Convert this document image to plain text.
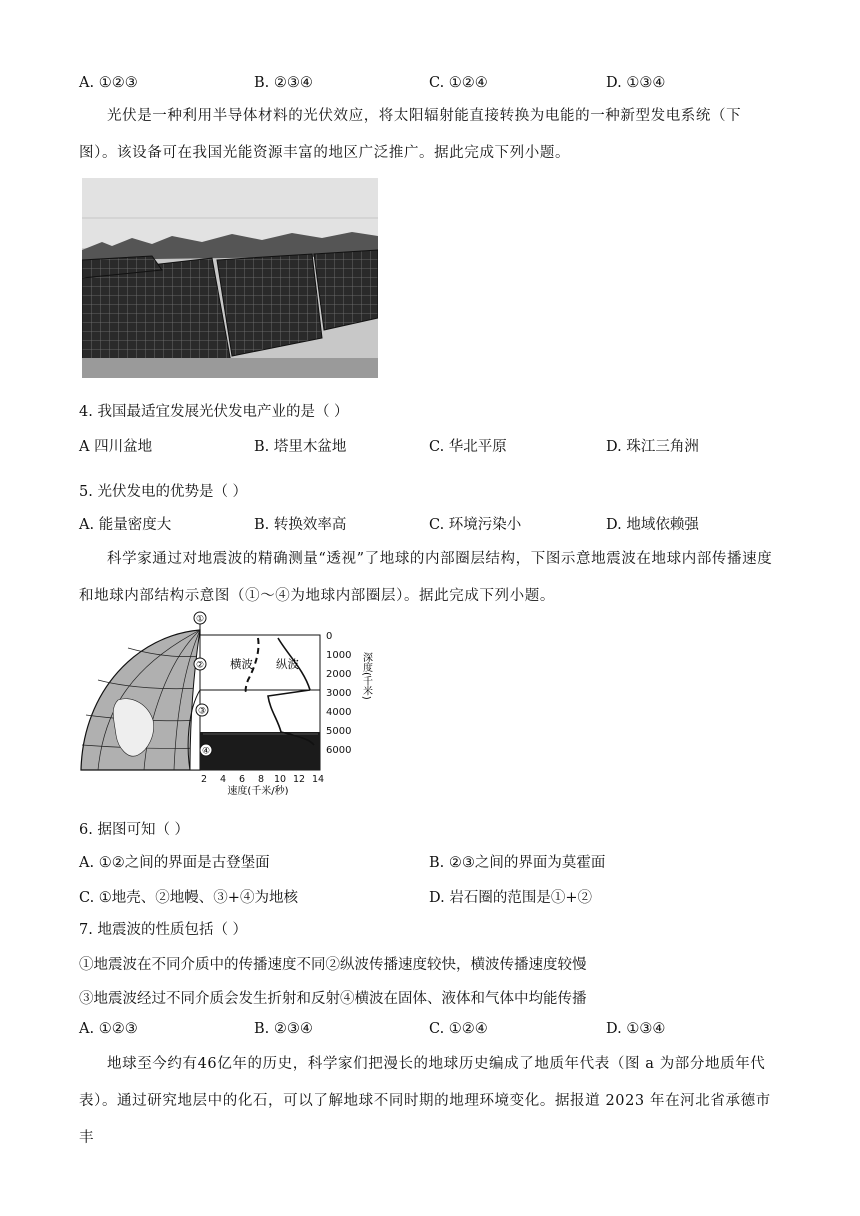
A. ①②③	B. ②③④	C. ①②④	D. ①③④
光伏是一种利用半导体材料的光伏效应，将太阳辐射能直接转换为电能的一种新型发电系统（下图）。该设备可在我国光能资源丰富的地区广泛推广。据此完成下列小题。
4. 我国最适宜发展光伏发电产业的是（ ）
A 四川盆地	B. 塔里木盆地	C. 华北平原	D. 珠江三角洲
5. 光伏发电的优势是（ ）
A. 能量密度大	B. 转换效率高	C. 环境污染小	D. 地域依赖强
科学家通过对地震波的精确测量“透视”了地球的内部圈层结构，下图示意地震波在地球内部传播速度和地球内部结构示意图（①～④为地球内部圈层）。据此完成下列小题。
①
②
③
④
横波 纵波
0
1000
2000
3000
4000
5000
6000
深度(千米)
2 4 6 8 10 12 14
速度(千米/秒)
6. 据图可知（ ）
A. ①②之间的界面是古登堡面	B. ②③之间的界面为莫霍面
C. ①地壳、②地幔、③+④为地核	D. 岩石圈的范围是①+②
7. 地震波的性质包括（ ）
①地震波在不同介质中的传播速度不同②纵波传播速度较快，横波传播速度较慢
③地震波经过不同介质会发生折射和反射④横波在固体、液体和气体中均能传播
A. ①②③	B. ②③④	C. ①②④	D. ①③④
地球至今约有46亿年的历史，科学家们把漫长的地球历史编成了地质年代表（图 a 为部分地质年代表）。通过研究地层中的化石，可以了解地球不同时期的地理环境变化。据报道 2023 年在河北省承德市丰
